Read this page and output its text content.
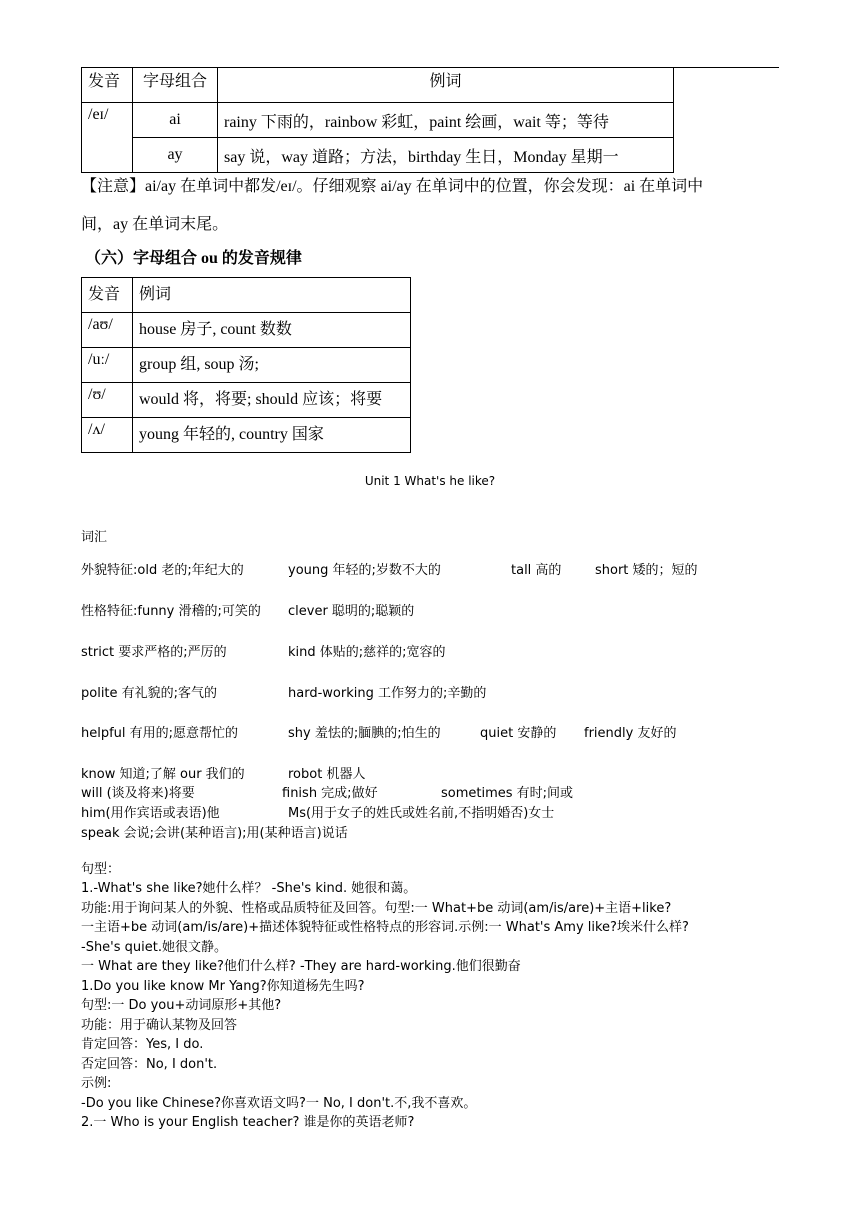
发音	字母组合	例词
/eɪ/	ai	rainy 下雨的，rainbow 彩虹，paint 绘画，wait 等；等待
	ay	say 说，way 道路；方法，birthday 生日，Monday 星期一
【注意】ai/ay 在单词中都发/eɪ/。仔细观察 ai/ay 在单词中的位置，你会发现：ai 在单词中
间，ay 在单词末尾。
（六）字母组合 ou 的发音规律
发音	例词
/aʊ/	house 房子, count 数数
/uː/	group 组, soup 汤;
/ʊ/	would 将，将要; should 应该；将要
/ʌ/	young 年轻的, country 国家
Unit 1 What's he like?
词汇
外貌特征:old 老的;年纪大的	young 年轻的;岁数不大的	tall 高的	short 矮的；短的
性格特征:funny 滑稽的;可笑的 clever 聪明的;聪颖的
strict 要求严格的;严厉的	kind 体贴的;慈祥的;宽容的
polite 有礼貌的;客气的	hard-working 工作努力的;辛勤的
helpful 有用的;愿意帮忙的	shy 羞怯的;腼腆的;怕生的	quiet 安静的 friendly 友好的
know 知道;了解 our 我们的	robot 机器人
will (谈及将来)将要	finish 完成;做好	sometimes 有时;间或
him(用作宾语或表语)他	Ms(用于女子的姓氏或姓名前,不指明婚否)女士
speak 会说;会讲(某种语言);用(某种语言)说话
句型：
1.-What's she like?她什么样？ -She's kind. 她很和蔼。
功能:用于询问某人的外貌、性格或品质特征及回答。句型:一 What+be 动词(am/is/are)+主语+like?
一主语+be 动词(am/is/are)+描述体貌特征或性格特点的形容词.示例:一 What's Amy like?埃米什么样?
-She's quiet.她很文静。
一 What are they like?他们什么样? -They are hard-working.他们很勤奋
1.Do you like know Mr Yang?你知道杨先生吗?
句型:一 Do you+动词原形+其他?
功能：用于确认某物及回答
肯定回答：Yes, I do.
否定回答：No, I don't.
示例:
-Do you like Chinese?你喜欢语文吗?一 No, I don't.不,我不喜欢。
2.一 Who is your English teacher? 谁是你的英语老师?
